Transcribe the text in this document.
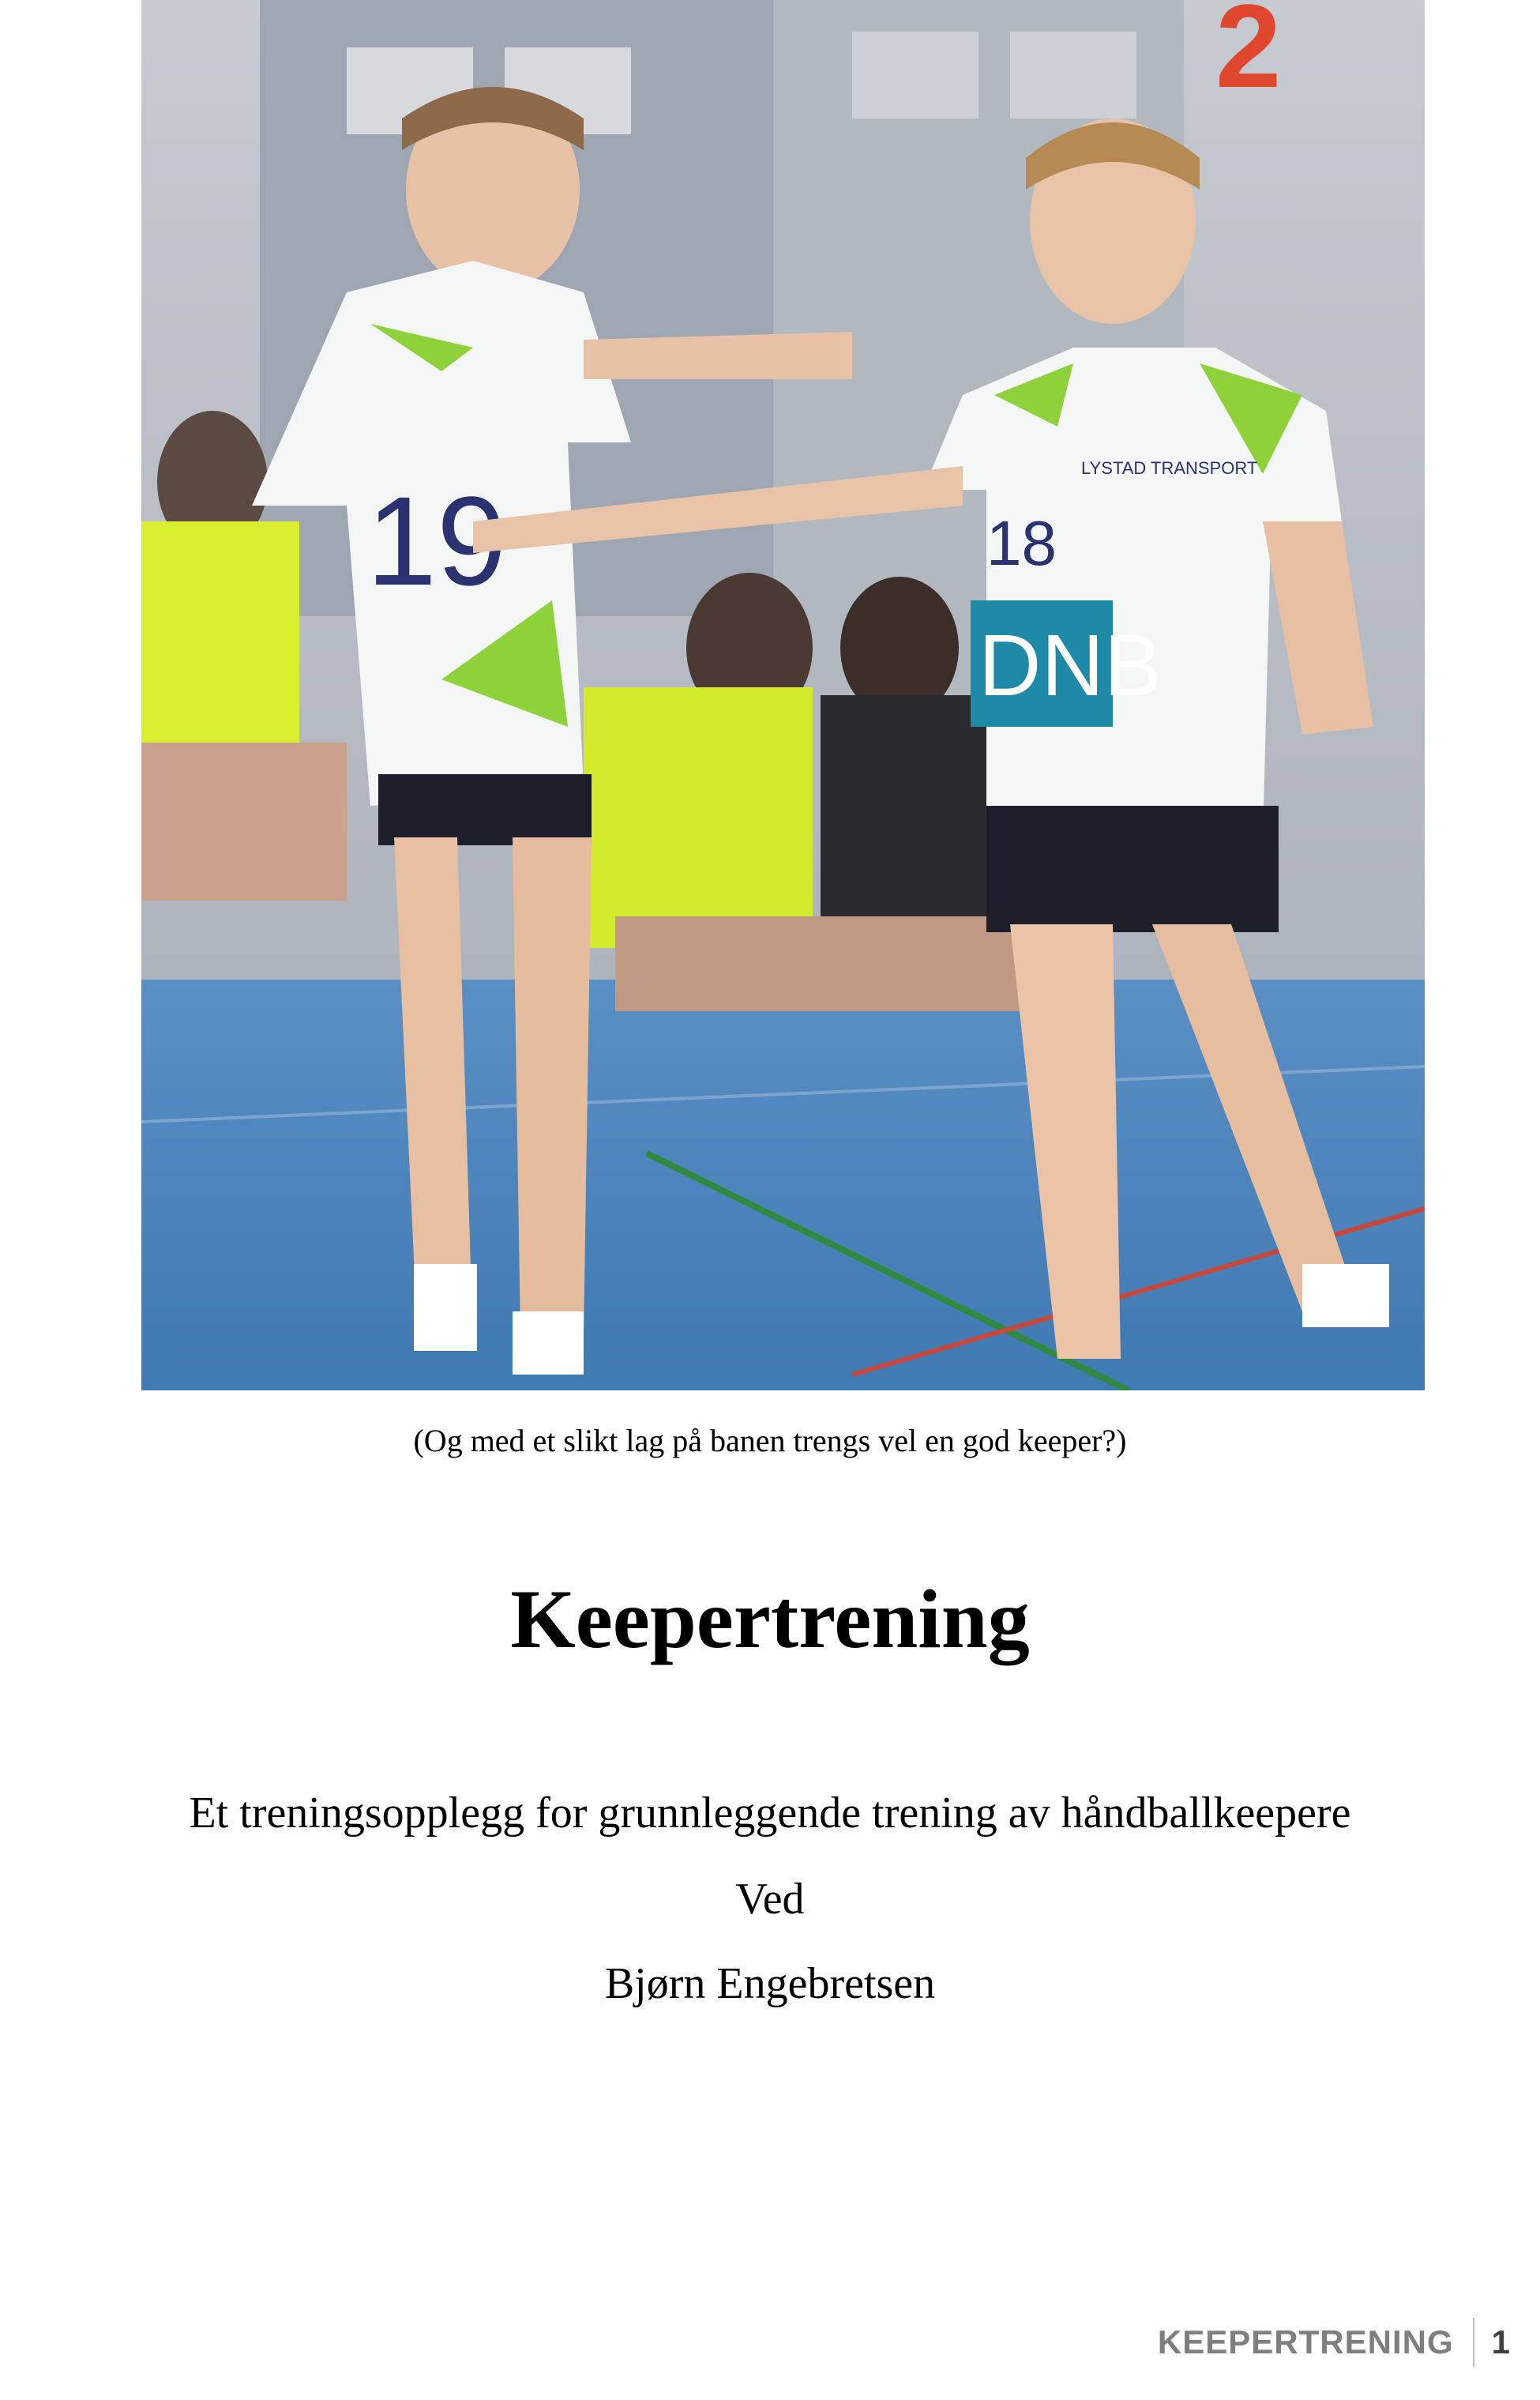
2
19
DNB
18
LYSTAD TRANSPORT
(Og med et slikt lag på banen trengs vel en god keeper?)
Keepertrening
Et treningsopplegg for grunnleggende trening av håndballkeepere
Ved
Bjørn Engebretsen
KEEPERTRENING	1
